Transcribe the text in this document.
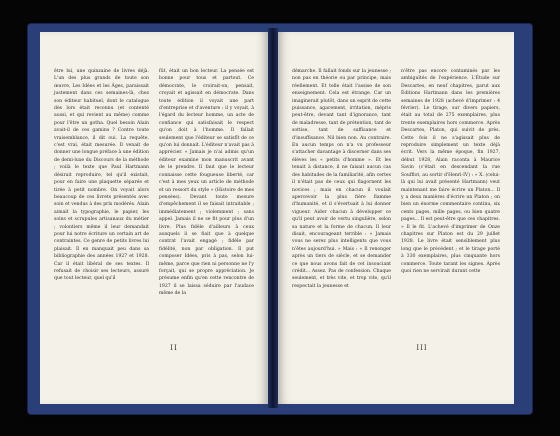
être lui, une quinzaine de livres déjà. L'un des plus grands de toute son œuvre, Les Idées et les Âges, paraissait justement dans ces semaines-là, chez son éditeur habituel, dont le catalogue dès lors était reconnu (et contenté aussi, et qui revient au même) comme pour l'être un gotha. Quel besoin Alain avait-il de ces gamins ? Contre toute vraisemblance, il dit oui. La requête, c'est vrai, était mesurée. Il venait de donner une longue préface à une édition de demi-luxe du Discours de la méthode ; voilà le texte que Paul Hartmann désirait reproduire, tel qu'il existait, pour en faire une plaquette séparée et tirée à petit nombre. On voyait alors beaucoup de ces livrets présentés avec soin et vendus à des prix modérés. Alain aimait la typographie, le papier, les soins et scrupules artisanaux du métier ; volontiers même il leur demandait pour lui notre écriture un certain art de contraintes. Ce genre de petits livres lui plaisait. Il en manquait peu dans sa bibliographie des années 1927 et 1928. Car il était libéral de ses textes. Il refusait de choisir ses lecteurs, assuré que tout lecteur, quel qu'il

fût, était un bon lecteur. La pensée est bonne pour tous et partout. Ce démocrate, le croirait-on, pensait, croyait et agissait en démocrate. Dans toute édition il voyait une part d'entreprise et d'aventure : il y voyait, à l'égard du lecteur homme, un acte de confiance qui satisfaisait le respect qu'on doit à l'homme. Il fallait seulement que l'éditeur se satisfît de ce qu'on lui donnait. L'éditeur n'avait pas à apprécier. « Jamais je n'ai admis qu'un éditeur examine mon manuscrit avant de le prendre. Il faut que le lecteur connaisse cette fougueuse liberté, car c'est à mes yeux un article de méthode et un ressort du style » (Histoire de mes pensées). Devant toute mesure d'empêchement il se faisait intraitable ; immédiatement ; violemment ; sans appel. Jamais il ne se fit pour plus d'un livre. Plus fidèle d'ailleurs à ceux auxquels il se fiait que à quelque contrat l'avait engagé ; fidèle par fidélité, non par obligation. Il put composer Idées, pris à pas, selon lui-même, parce que rien ni personne ne l'y forçait, qui se propre appréciation. Je présume enfin qu'en cette rencontre de 1927 il se laissa séduire par l'audace même de la

II

démarche. Il fallait fonds sur la jeunesse ; non pas en théorie ou par principe, mais réellement. Et telle était l'assise de son enseignement. Cela est étrange. Car un imaginerait plutôt, dans un esprit de cette puissance, agacement, irritation, mépris peut-être, devant tant d'ignorance, tant de maladresse, tant de prétention, tant de sottise, tant de suffisance et d'insuffisance. Nil bien non. Au contraire. En aucun temps on n'a vu professeur s'attacher davantage à discerner dans ses élèves les « petits d'homme ». Et les tenait à distance, il ne faisait aucun cas des habitudes de la familiarité, afin certes il n'était pas de ceux qui flagornent les novices ; mais en chacun il voulait apercevoir la plus fière flamme d'humanité, et il s'évertuait à lui donner vigueur. Aider chacun à développer ce qu'il peut avoir de vertu singulière, selon sa nature et la forme de chacun. Il leur disait, encourageant terrible : « Jamais vous ne serez plus intelligents que vous n'êtes aujourd'hui. » Mais : « Il renonger après un tiers de siècle, et se demander ce que nous avons fait de cet insouciant crédit... Assez. Pas de confession. Chaque seulement, et très vite, et trop vite, qu'il respectait la jeunesse et

n'être pas encore contaminés par les ambiguïtés de l'expérience. L'Étude sur Descartes, en neuf chapitres, parut aux Éditions Hartmann dans les premières semaines de 1928 (achevé d'imprimer : 4 février). Le tirage, sur divers papiers, était au total de 275 exemplaires, plus trente exemplaires hors commerce. Après Descartes, Platon, qui suivit de près. Cette fois il ne s'agissait plus de reproduire simplement un texte déjà écrit. Vers la même époque, fin 1927, début 1928, Alain raconta à Maurice Savin (c'était en descendant la rue Soufflot, au sortir d'Henri-IV) : « X. (celui-là qui lui avait présenté Hartmann) veut maintenant me faire écrire un Platon... Il y a deux manières d'écrire un Platon ; on bien un énorme commentaire continu, six cents pages, mille pages, ou bien quatre pages... Il est peut-être que ces chapitres. » Il le fit. L'achevé d'imprimer de Onze chapitres sur Platon est du 29 juillet 1928. Le livre était sensiblement plus long que le précédent ; et le tirage porté à 330 exemplaires, plus cinquante hors commerce. Toute tarant les signes. Après quoi rien ne servirait durant cette

III
